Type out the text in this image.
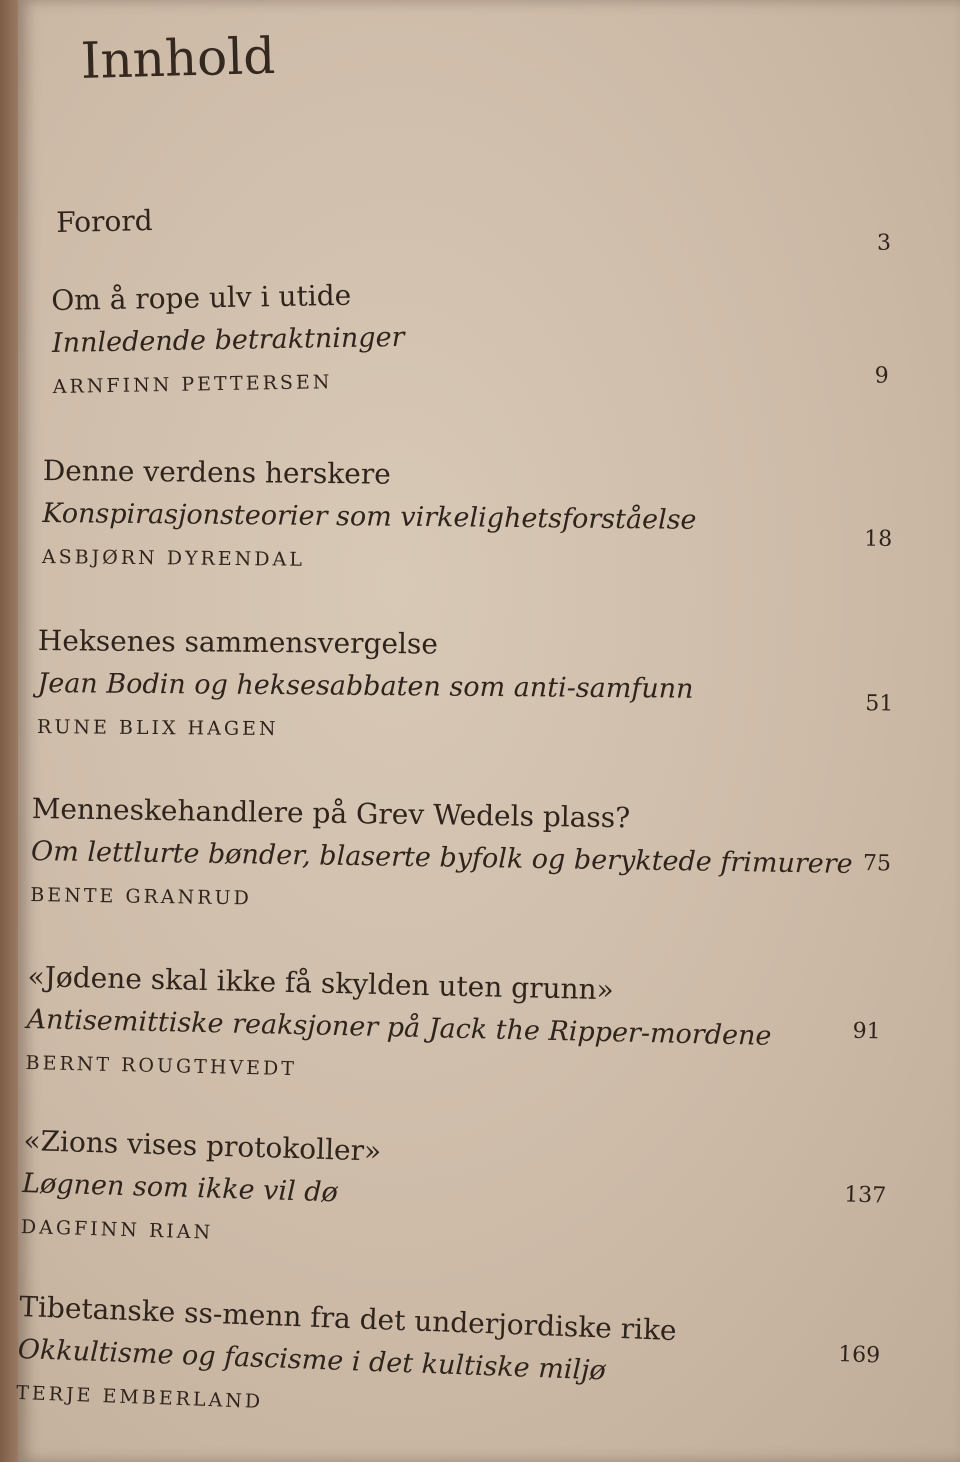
Innhold
Forord
3
Om å rope ulv i utide
Innledende betraktninger
ARNFINN PETTERSEN	9
Denne verdens herskere
Konspirasjonsteorier som virkelighetsforståelse
ASBJØRN DYRENDAL
18
Heksenes sammensvergelse
Jean Bodin og heksesabbaten som anti-samfunn
RUNE BLIX HAGEN
51
Menneskehandlere på Grev Wedels plass?
Om lettlurte bønder, blaserte byfolk og beryktede frimurere
BENTE GRANRUD
75
«Jødene skal ikke få skylden uten grunn»
Antisemittiske reaksjoner på Jack the Ripper-mordene
BERNT ROUGTHVEDT
91
«Zions vises protokoller»
Løgnen som ikke vil dø
DAGFINN RIAN
137
Tibetanske ss-menn fra det underjordiske rike
Okkultisme og fascisme i det kultiske miljø
TERJE EMBERLAND
169
